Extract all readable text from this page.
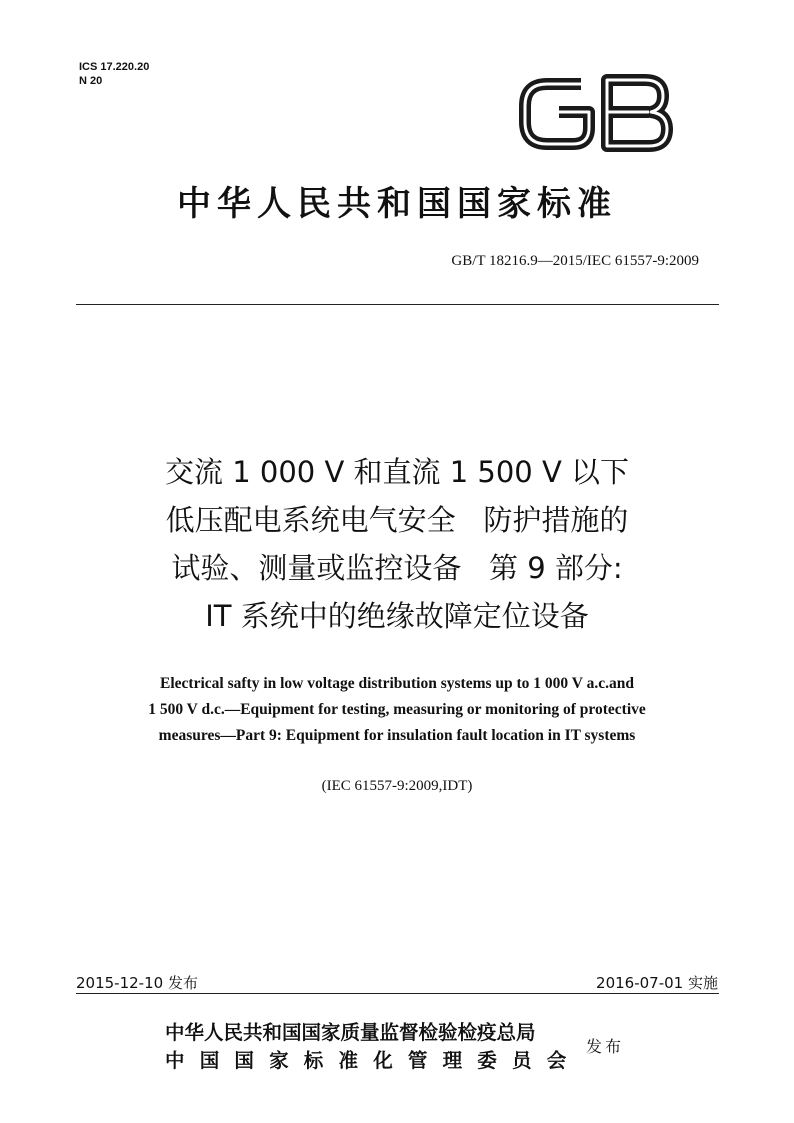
ICS 17.220.20
N 20
中华人民共和国国家标准
GB/T 18216.9—2015/IEC 61557-9:2009
交流 1 000 V 和直流 1 500 V 以下
低压配电系统电气安全   防护措施的
试验、测量或监控设备   第 9 部分:
IT 系统中的绝缘故障定位设备
Electrical safty in low voltage distribution systems up to 1 000 V a.c.and
1 500 V d.c.—Equipment for testing, measuring or monitoring of protective
measures—Part 9: Equipment for insulation fault location in IT systems
(IEC 61557-9:2009,IDT)
2015-12-10 发布	2016-07-01 实施
中华人民共和国国家质量监督检验检疫总局
中国国家标准化管理委员会
发布
